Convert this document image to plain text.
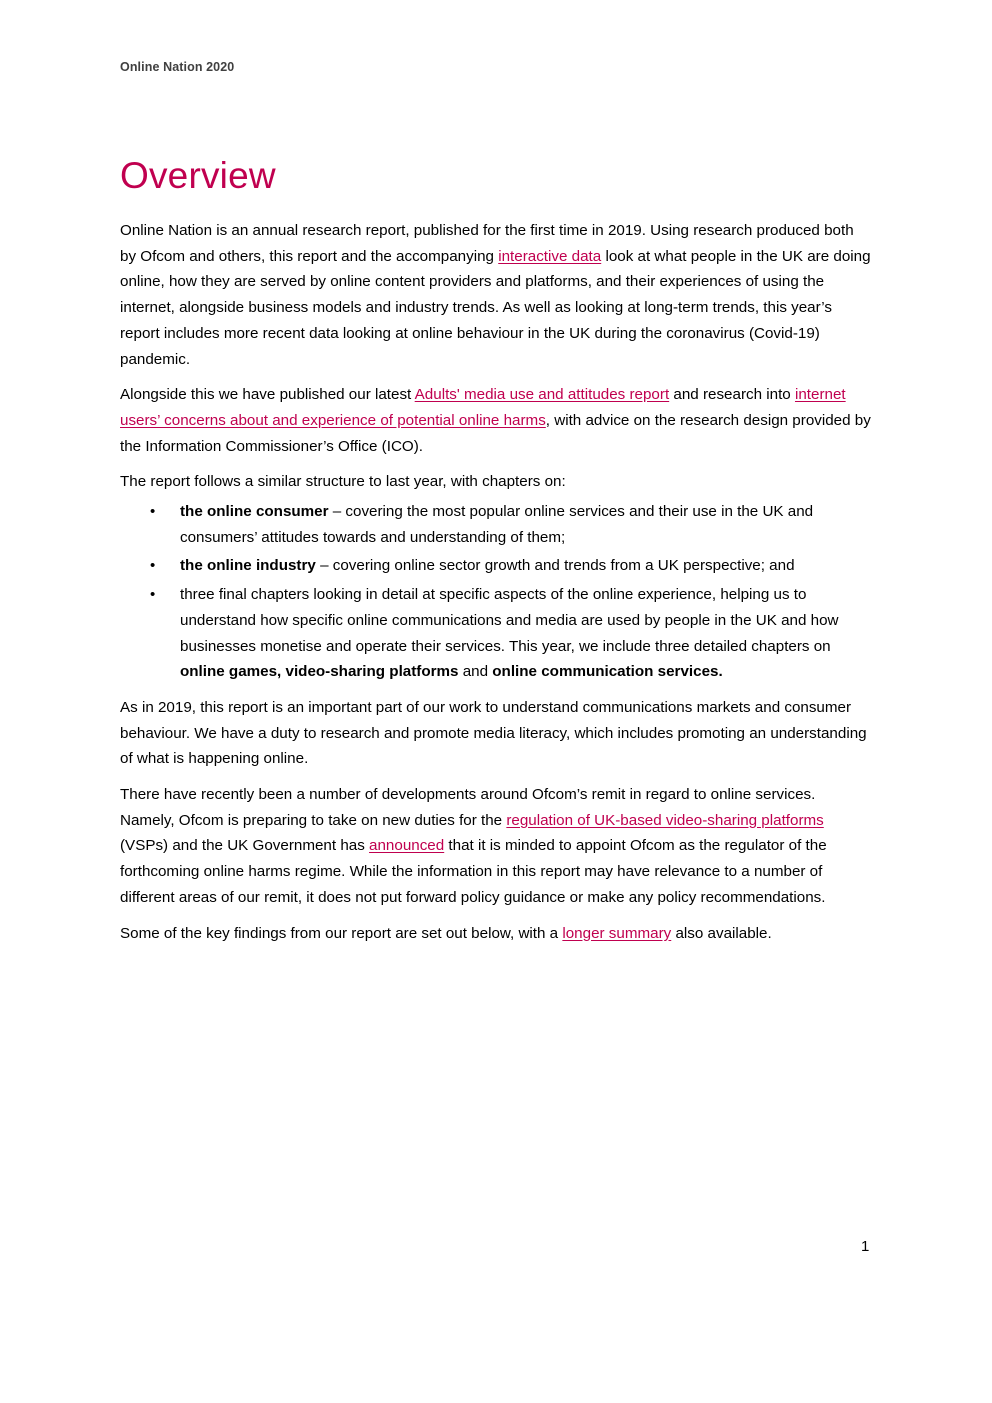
Online Nation 2020
Overview

Online Nation is an annual research report, published for the first time in 2019. Using research produced both by Ofcom and others, this report and the accompanying interactive data look at what people in the UK are doing online, how they are served by online content providers and platforms, and their experiences of using the internet, alongside business models and industry trends. As well as looking at long-term trends, this year’s report includes more recent data looking at online behaviour in the UK during the coronavirus (Covid-19) pandemic.

Alongside this we have published our latest Adults' media use and attitudes report and research into internet users’ concerns about and experience of potential online harms, with advice on the research design provided by the Information Commissioner’s Office (ICO).

The report follows a similar structure to last year, with chapters on:

• the online consumer – covering the most popular online services and their use in the UK and consumers’ attitudes towards and understanding of them;
• the online industry – covering online sector growth and trends from a UK perspective; and
• three final chapters looking in detail at specific aspects of the online experience, helping us to understand how specific online communications and media are used by people in the UK and how businesses monetise and operate their services. This year, we include three detailed chapters on online games, video-sharing platforms and online communication services.

As in 2019, this report is an important part of our work to understand communications markets and consumer behaviour. We have a duty to research and promote media literacy, which includes promoting an understanding of what is happening online.

There have recently been a number of developments around Ofcom’s remit in regard to online services. Namely, Ofcom is preparing to take on new duties for the regulation of UK-based video-sharing platforms (VSPs) and the UK Government has announced that it is minded to appoint Ofcom as the regulator of the forthcoming online harms regime. While the information in this report may have relevance to a number of different areas of our remit, it does not put forward policy guidance or make any policy recommendations.

Some of the key findings from our report are set out below, with a longer summary also available.

1
